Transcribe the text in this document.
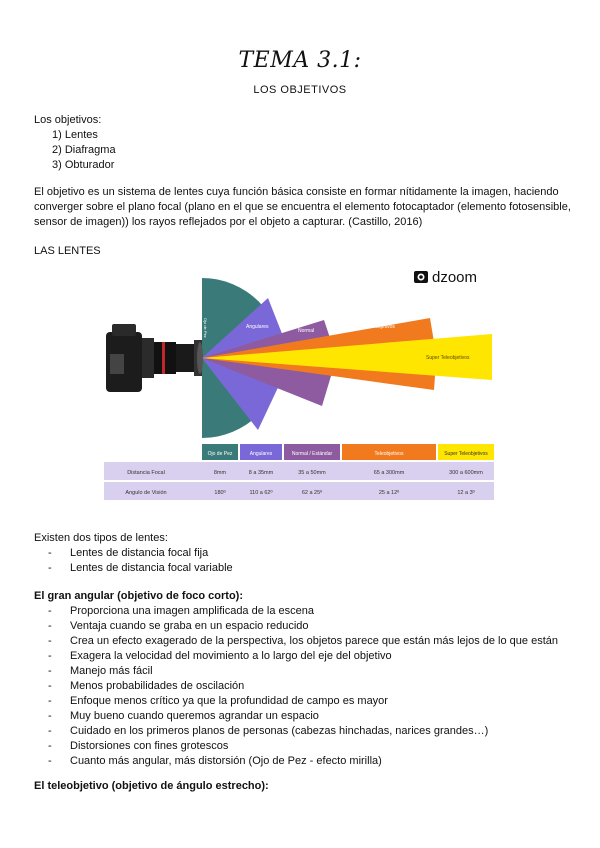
TEMA 3.1:
LOS OBJETIVOS
Los objetivos:
1) Lentes
2) Diafragma
3) Obturador
El objetivo es un sistema de lentes cuya función básica consiste en formar nítidamente la imagen, haciendo converger sobre el plano focal (plano en el que se encuentra el elemento fotocaptador (elemento fotosensible, sensor de imagen)) los rayos reflejados por el objeto a capturar. (Castillo, 2016)
LAS LENTES
Ojo de Pez	Angulares
Normal
Teleobjetivos
Super Teleobjetivos
dzoom
Ojo de Pez	Angulares	Normal / Estándar	Teleobjetivos	Super Teleobjetivos
Distancia Focal	8mm	8 a 35mm	35 a 50mm	65 a 300mm	300 a 600mm
Angulo de Visión	180º	110 a 62º	62 a 25º	25 a 12º	12 a 3º
Existen dos tipos de lentes:
- Lentes de distancia focal fija
- Lentes de distancia focal variable
El gran angular (objetivo de foco corto):
- Proporciona una imagen amplificada de la escena
- Ventaja cuando se graba en un espacio reducido
- Crea un efecto exagerado de la perspectiva, los objetos parece que están más lejos de lo que están
- Exagera la velocidad del movimiento a lo largo del eje del objetivo
- Manejo más fácil
- Menos probabilidades de oscilación
- Enfoque menos crítico ya que la profundidad de campo es mayor
- Muy bueno cuando queremos agrandar un espacio
- Cuidado en los primeros planos de personas (cabezas hinchadas, narices grandes…)
- Distorsiones con fines grotescos
- Cuanto más angular, más distorsión (Ojo de Pez - efecto mirilla)
El teleobjetivo (objetivo de ángulo estrecho):
